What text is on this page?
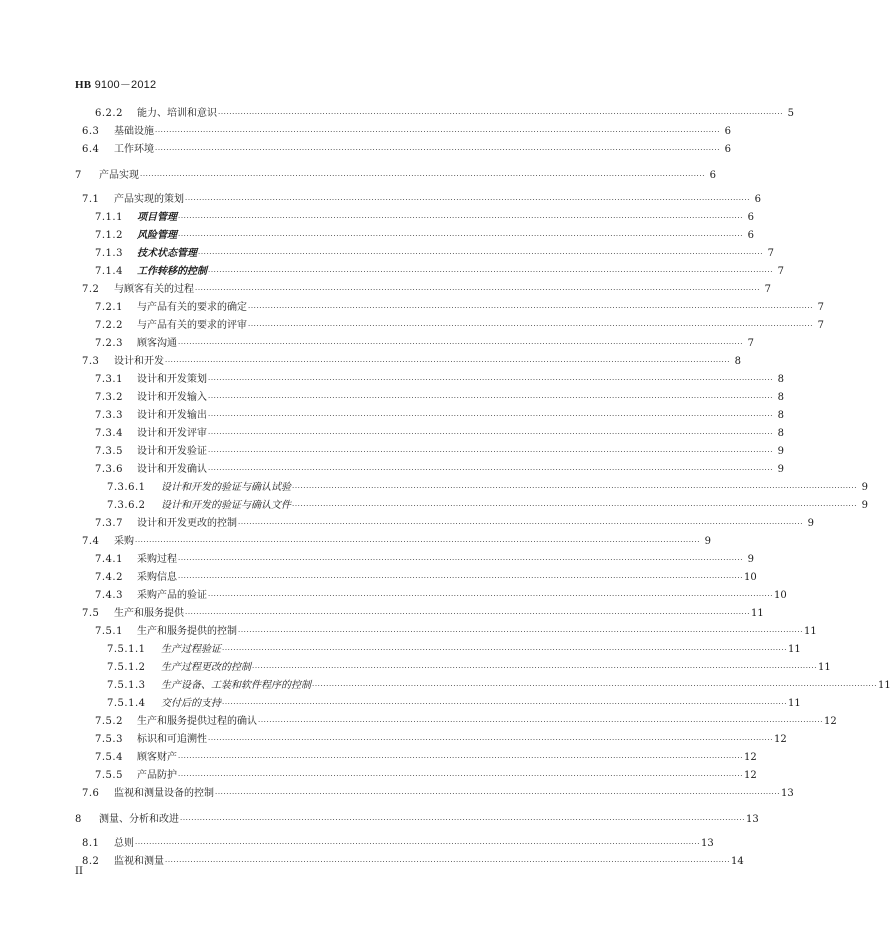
HB 9100－2012
6.2.2	能力、培训和意识 ········································································································································································································ 5
6.3	基础设施 ········································································································································································································ 6
6.4	工作环境 ········································································································································································································ 6
7	产品实现 ········································································································································································································ 6
7.1	产品实现的策划 ········································································································································································································ 6
7.1.1	项目管理 ········································································································································································································ 6
7.1.2	风险管理 ········································································································································································································ 6
7.1.3	技术状态管理 ········································································································································································································ 7
7.1.4	工作转移的控制 ········································································································································································································ 7
7.2	与顾客有关的过程 ········································································································································································································ 7
7.2.1	与产品有关的要求的确定 ········································································································································································································ 7
7.2.2	与产品有关的要求的评审 ········································································································································································································ 7
7.2.3	顾客沟通 ········································································································································································································ 7
7.3	设计和开发 ········································································································································································································ 8
7.3.1	设计和开发策划 ········································································································································································································ 8
7.3.2	设计和开发输入 ········································································································································································································ 8
7.3.3	设计和开发输出 ········································································································································································································ 8
7.3.4	设计和开发评审 ········································································································································································································ 8
7.3.5	设计和开发验证 ········································································································································································································ 9
7.3.6	设计和开发确认 ········································································································································································································ 9
7.3.6.1	设计和开发的验证与确认试验 ········································································································································································································ 9
7.3.6.2	设计和开发的验证与确认文件 ········································································································································································································ 9
7.3.7	设计和开发更改的控制 ········································································································································································································ 9
7.4	采购 ········································································································································································································ 9
7.4.1	采购过程 ········································································································································································································ 9
7.4.2	采购信息 ········································································································································································································ 10
7.4.3	采购产品的验证 ········································································································································································································ 10
7.5	生产和服务提供 ········································································································································································································ 11
7.5.1	生产和服务提供的控制 ········································································································································································································ 11
7.5.1.1	生产过程验证 ········································································································································································································ 11
7.5.1.2	生产过程更改的控制 ········································································································································································································ 11
7.5.1.3	生产设备、工装和软件程序的控制 ········································································································································································································ 11
7.5.1.4	交付后的支持 ········································································································································································································ 11
7.5.2	生产和服务提供过程的确认 ········································································································································································································ 12
7.5.3	标识和可追溯性 ········································································································································································································ 12
7.5.4	顾客财产 ········································································································································································································ 12
7.5.5	产品防护 ········································································································································································································ 12
7.6	监视和测量设备的控制 ········································································································································································································ 13
8	测量、分析和改进 ········································································································································································································ 13
8.1	总则 ········································································································································································································ 13
8.2	监视和测量 ········································································································································································································ 14
II
